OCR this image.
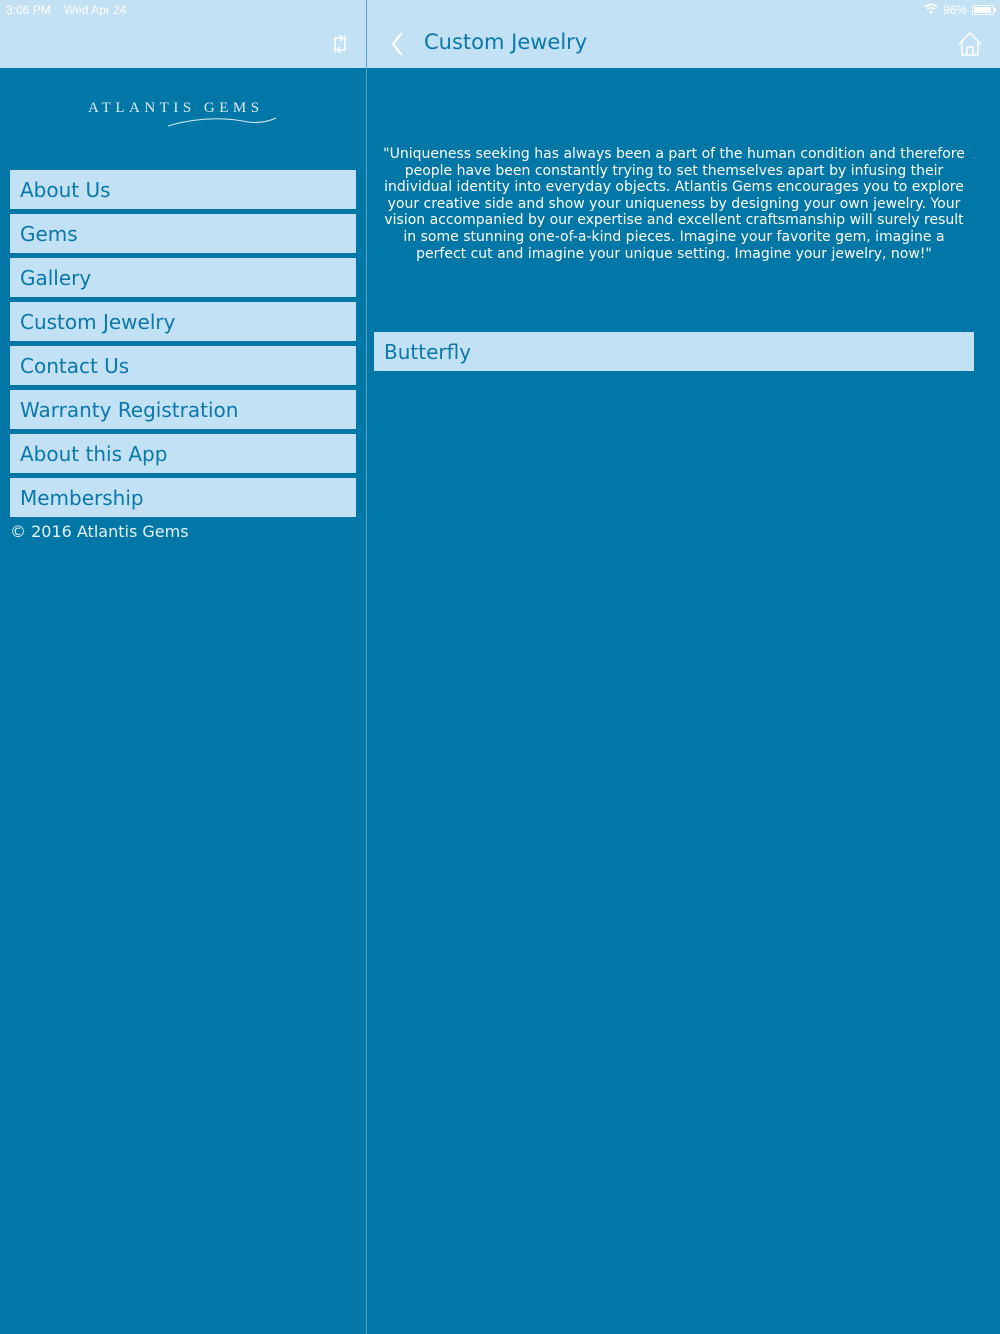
3:06 PM Wed Apr 24	96%
Custom Jewelry
ATLANTIS GEMS
About Us
Gems
Gallery
Custom Jewelry
Contact Us
Warranty Registration
About this App
Membership
© 2016 Atlantis Gems
"Uniqueness seeking has always been a part of the human condition and therefore people have been constantly trying to set themselves apart by infusing their individual identity into everyday objects. Atlantis Gems encourages you to explore your creative side and show your uniqueness by designing your own jewelry. Your vision accompanied by our expertise and excellent craftsmanship will surely result in some stunning one-of-a-kind pieces. Imagine your favorite gem, imagine a perfect cut and imagine your unique setting. Imagine your jewelry, now!"
Butterfly
